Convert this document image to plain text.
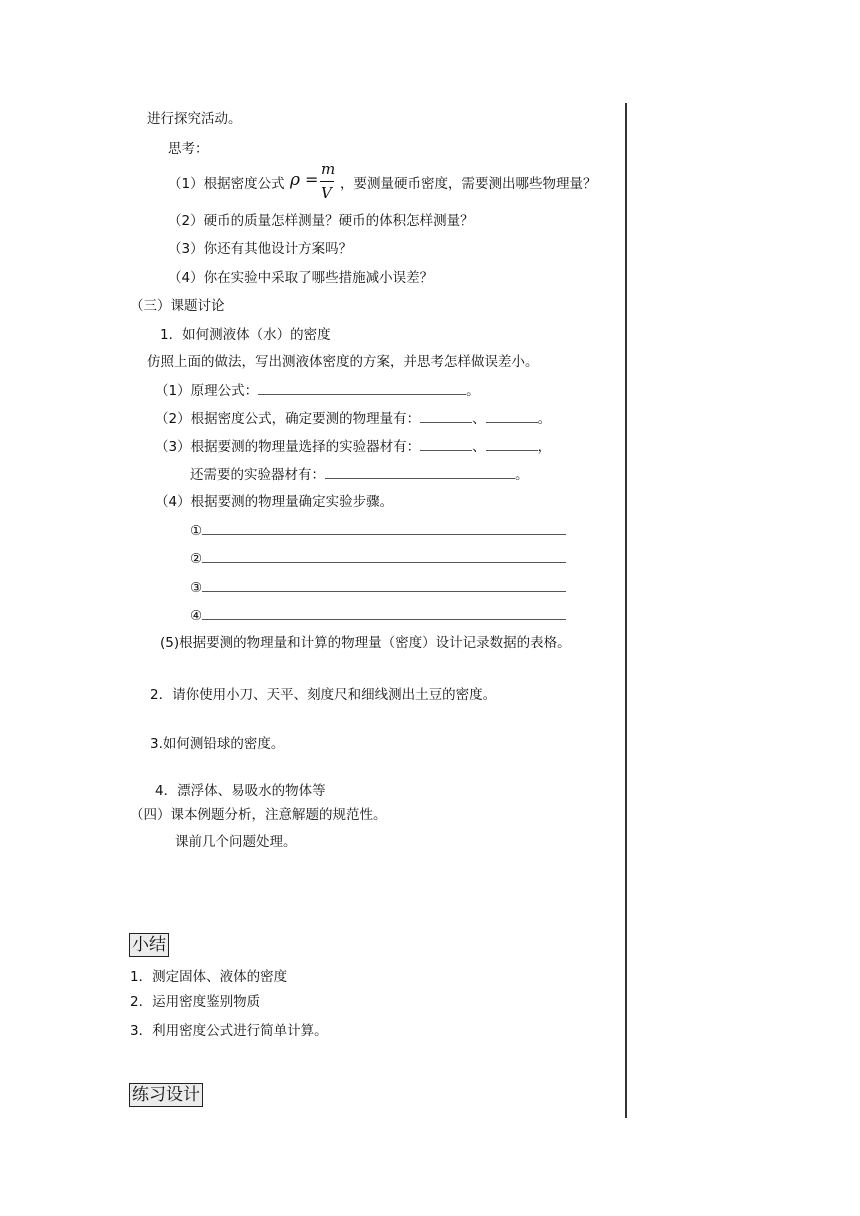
进行探究活动。
思考：
（1）根据密度公式 ρ =
m
V ，要测量硬币密度，需要测出哪些物理量？
（2）硬币的质量怎样测量？硬币的体积怎样测量？
（3）你还有其他设计方案吗？
（4）你在实验中采取了哪些措施减小误差？
（三）课题讨论
1．如何测液体（水）的密度
仿照上面的做法，写出测液体密度的方案，并思考怎样做误差小。
（1）原理公式：	。
（2）根据密度公式，确定要测的物理量有：	、	。
（3）根据要测的物理量选择的实验器材有：	、	，
还需要的实验器材有：	。
（4）根据要测的物理量确定实验步骤。
①
②
③
④
(5)根据要测的物理量和计算的物理量（密度）设计记录数据的表格。
2．请你使用小刀、天平、刻度尺和细线测出土豆的密度。
3.如何测铅球的密度。
4．漂浮体、易吸水的物体等
（四）课本例题分析，注意解题的规范性。
课前几个问题处理。
小结
1．测定固体、液体的密度
2．运用密度鉴别物质
3．利用密度公式进行简单计算。
练习设计
